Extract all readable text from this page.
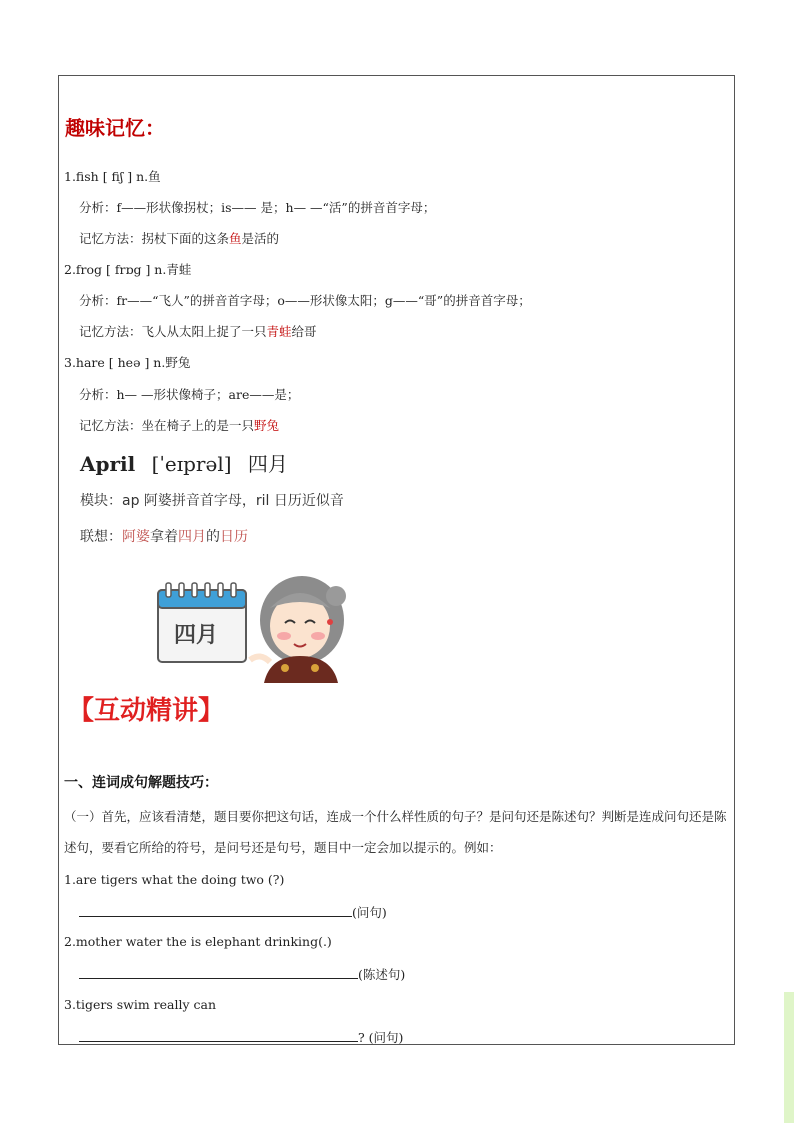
趣味记忆：
1.fish [ fiʃ ] n.鱼
分析：f——形状像拐杖；is—— 是；h— —“活”的拼音首字母；
记忆方法：拐杖下面的这条鱼是活的
2.frog [ frɒg ] n.青蛙
分析：fr——“飞人”的拼音首字母；o——形状像太阳；g——“哥”的拼音首字母；
记忆方法：飞人从太阳上捉了一只青蛙给哥
3.hare [ heə ] n.野兔
分析：h— —形状像椅子；are——是；
记忆方法：坐在椅子上的是一只野兔
April [ˈeɪprəl] 四月
模块：ap 阿婆拼音首字母，ril 日历近似音
联想：阿婆拿着四月的日历
四月
【互动精讲】
一、连词成句解题技巧：
（一）首先，应该看清楚，题目要你把这句话，连成一个什么样性质的句子？是问句还是陈述句？判断是连成问句还是陈述句，要看它所给的符号，是问号还是句号，题目中一定会加以提示的。例如：
1.are tigers what the doing two (?)
(问句)
2.mother water the is elephant drinking(.)
(陈述句)
3.tigers swim really can
? (问句)
